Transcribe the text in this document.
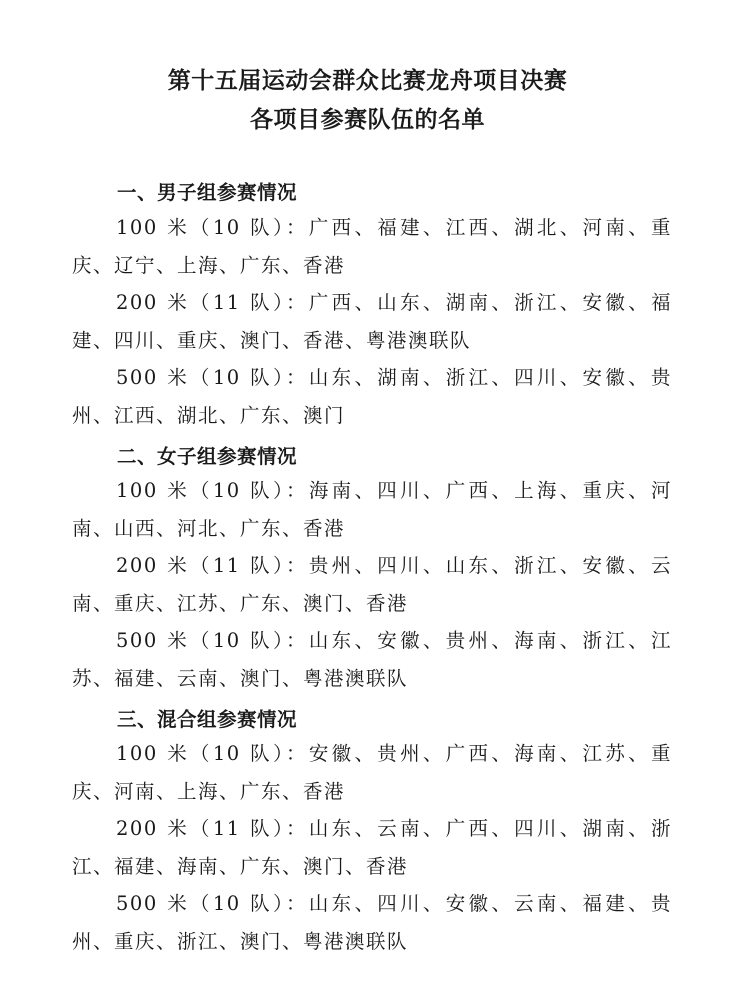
第十五届运动会群众比赛龙舟项目决赛
各项目参赛队伍的名单
一、男子组参赛情况
100 米（10 队）：广西、福建、江西、湖北、河南、重庆、辽宁、上海、广东、香港
200 米（11 队）：广西、山东、湖南、浙江、安徽、福建、四川、重庆、澳门、香港、粤港澳联队
500 米（10 队）：山东、湖南、浙江、四川、安徽、贵州、江西、湖北、广东、澳门
二、女子组参赛情况
100 米（10 队）：海南、四川、广西、上海、重庆、河南、山西、河北、广东、香港
200 米（11 队）：贵州、四川、山东、浙江、安徽、云南、重庆、江苏、广东、澳门、香港
500 米（10 队）：山东、安徽、贵州、海南、浙江、江苏、福建、云南、澳门、粤港澳联队
三、混合组参赛情况
100 米（10 队）：安徽、贵州、广西、海南、江苏、重庆、河南、上海、广东、香港
200 米（11 队）：山东、云南、广西、四川、湖南、浙江、福建、海南、广东、澳门、香港
500 米（10 队）：山东、四川、安徽、云南、福建、贵州、重庆、浙江、澳门、粤港澳联队
